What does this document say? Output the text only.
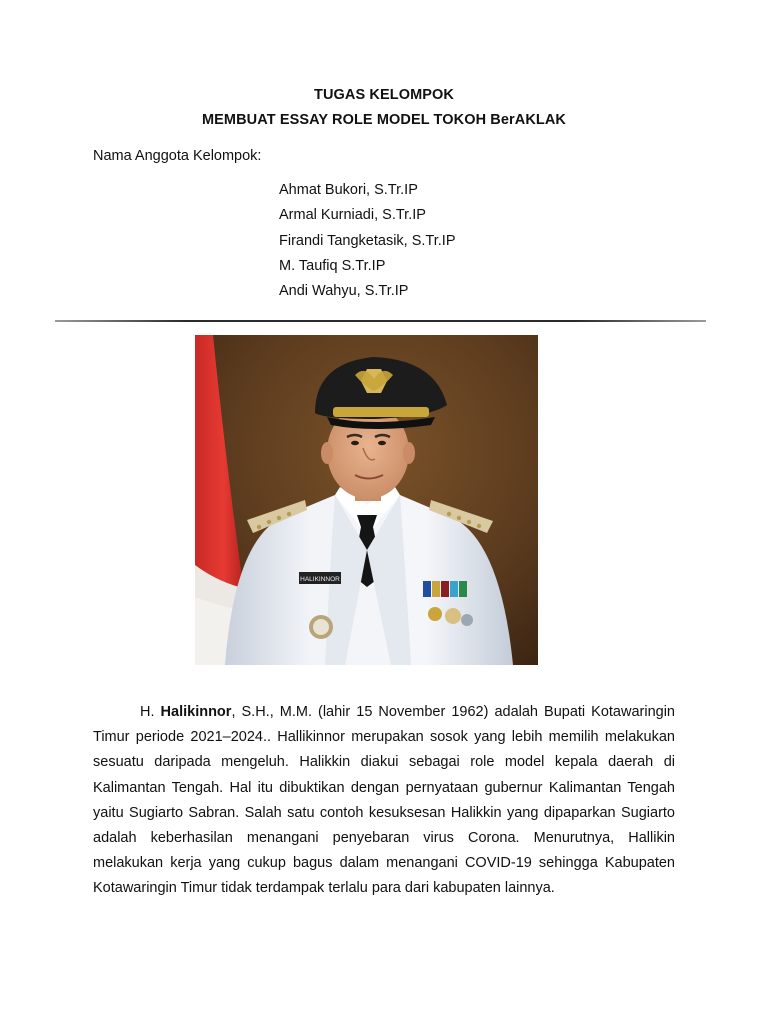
TUGAS KELOMPOK
MEMBUAT ESSAY ROLE MODEL TOKOH BerAKLAK
Nama Anggota Kelompok:
Ahmat Bukori, S.Tr.IP
Armal Kurniadi, S.Tr.IP
Firandi Tangketasik, S.Tr.IP
M. Taufiq S.Tr.IP
Andi Wahyu, S.Tr.IP
HALIKINNOR

H. Halikinnor, S.H., M.M. (lahir 15 November 1962) adalah Bupati Kotawaringin Timur periode 2021–2024.. Hallikinnor merupakan sosok yang lebih memilih melakukan sesuatu daripada mengeluh. Halikkin diakui sebagai role model kepala daerah di Kalimantan Tengah. Hal itu dibuktikan dengan pernyataan gubernur Kalimantan Tengah yaitu Sugiarto Sabran. Salah satu contoh kesuksesan Halikkin yang dipaparkan Sugiarto adalah keberhasilan menangani penyebaran virus Corona. Menurutnya, Hallikin melakukan kerja yang cukup bagus dalam menangani COVID-19 sehingga Kabupaten Kotawaringin Timur tidak terdampak terlalu para dari kabupaten lainnya.
